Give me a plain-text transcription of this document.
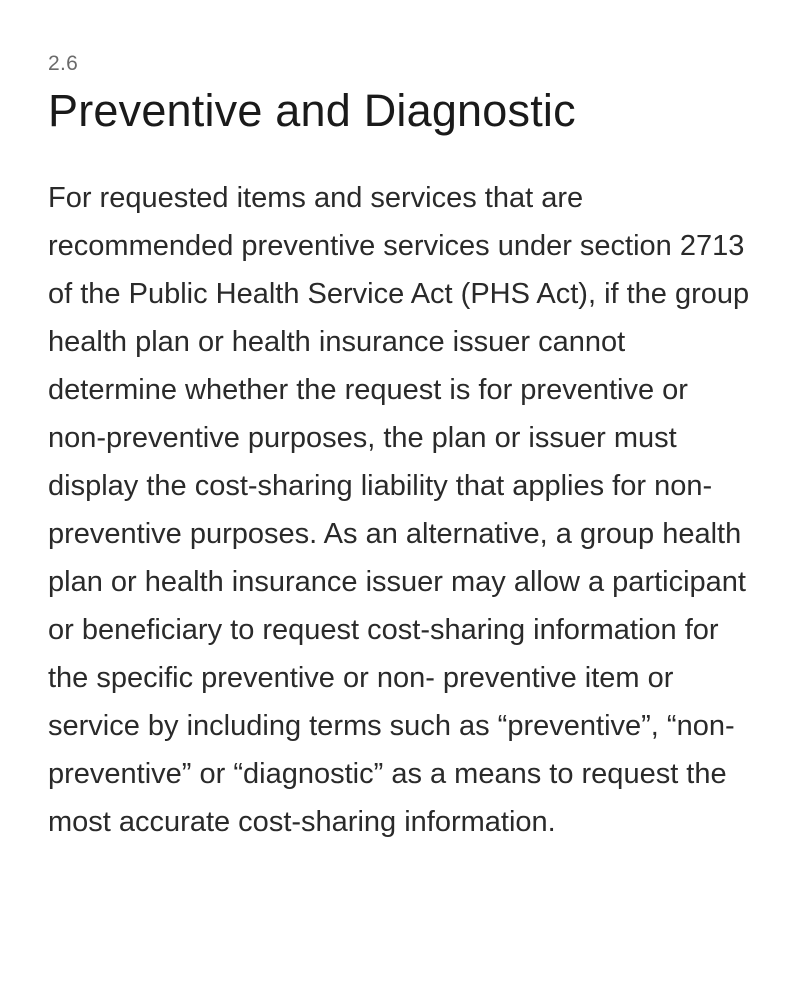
2.6
Preventive and Diagnostic

For requested items and services that are recommended preventive services under section 2713 of the Public Health Service Act (PHS Act), if the group health plan or health insurance issuer cannot determine whether the request is for preventive or non-preventive purposes, the plan or issuer must display the cost-sharing liability that applies for non-preventive purposes. As an alternative, a group health plan or health insurance issuer may allow a participant or beneficiary to request cost-sharing information for the specific preventive or non- preventive item or service by including terms such as “preventive”, “non-preventive” or “diagnostic” as a means to request the most accurate cost-sharing information.
